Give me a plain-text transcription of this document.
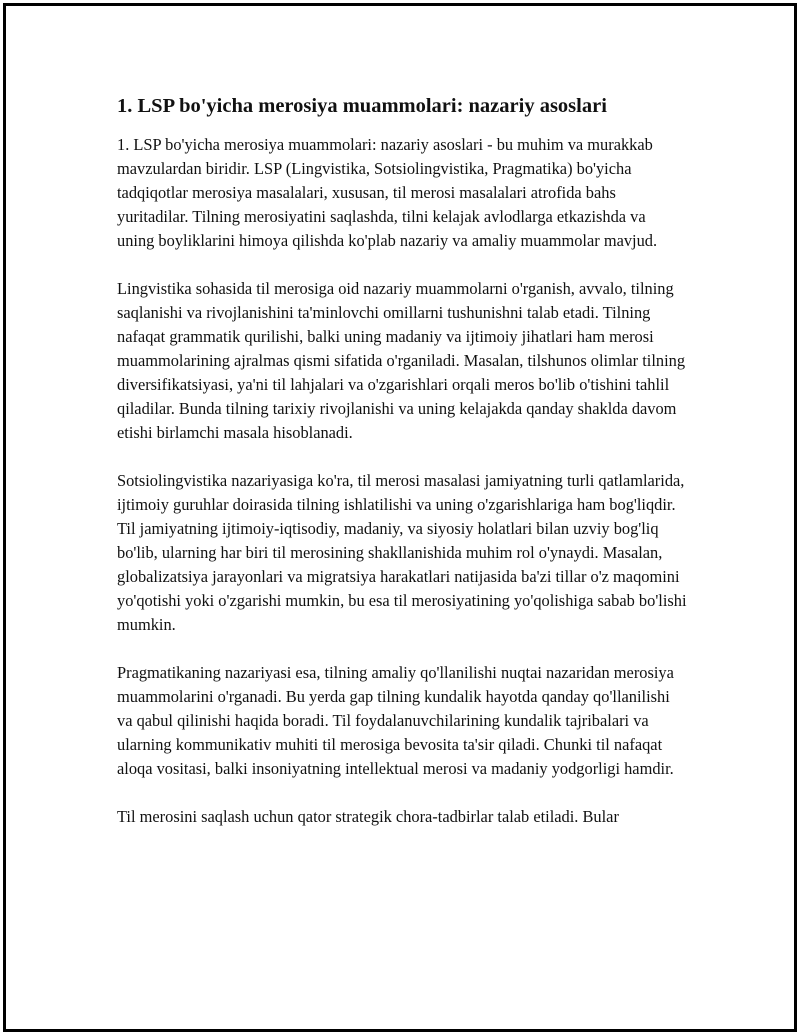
1. LSP bo'yicha merosiya muammolari: nazariy asoslari

1. LSP bo'yicha merosiya muammolari: nazariy asoslari - bu muhim va murakkab mavzulardan biridir. LSP (Lingvistika, Sotsiolingvistika, Pragmatika) bo'yicha tadqiqotlar merosiya masalalari, xususan, til merosi masalalari atrofida bahs yuritadilar. Tilning merosiyatini saqlashda, tilni kelajak avlodlarga etkazishda va uning boyliklarini himoya qilishda ko'plab nazariy va amaliy muammolar mavjud.

Lingvistika sohasida til merosiga oid nazariy muammolarni o'rganish, avvalo, tilning saqlanishi va rivojlanishini ta'minlovchi omillarni tushunishni talab etadi. Tilning nafaqat grammatik qurilishi, balki uning madaniy va ijtimoiy jihatlari ham merosi muammolarining ajralmas qismi sifatida o'rganiladi. Masalan, tilshunos olimlar tilning diversifikatsiyasi, ya'ni til lahjalari va o'zgarishlari orqali meros bo'lib o'tishini tahlil qiladilar. Bunda tilning tarixiy rivojlanishi va uning kelajakda qanday shaklda davom etishi birlamchi masala hisoblanadi.

Sotsiolingvistika nazariyasiga ko'ra, til merosi masalasi jamiyatning turli qatlamlarida, ijtimoiy guruhlar doirasida tilning ishlatilishi va uning o'zgarishlariga ham bog'liqdir. Til jamiyatning ijtimoiy-iqtisodiy, madaniy, va siyosiy holatlari bilan uzviy bog'liq bo'lib, ularning har biri til merosining shakllanishida muhim rol o'ynaydi. Masalan, globalizatsiya jarayonlari va migratsiya harakatlari natijasida ba'zi tillar o'z maqomini yo'qotishi yoki o'zgarishi mumkin, bu esa til merosiyatining yo'qolishiga sabab bo'lishi mumkin.

Pragmatikaning nazariyasi esa, tilning amaliy qo'llanilishi nuqtai nazaridan merosiya muammolarini o'rganadi. Bu yerda gap tilning kundalik hayotda qanday qo'llanilishi va qabul qilinishi haqida boradi. Til foydalanuvchilarining kundalik tajribalari va ularning kommunikativ muhiti til merosiga bevosita ta'sir qiladi. Chunki til nafaqat aloqa vositasi, balki insoniyatning intellektual merosi va madaniy yodgorligi hamdir.

Til merosini saqlash uchun qator strategik chora-tadbirlar talab etiladi. Bular
